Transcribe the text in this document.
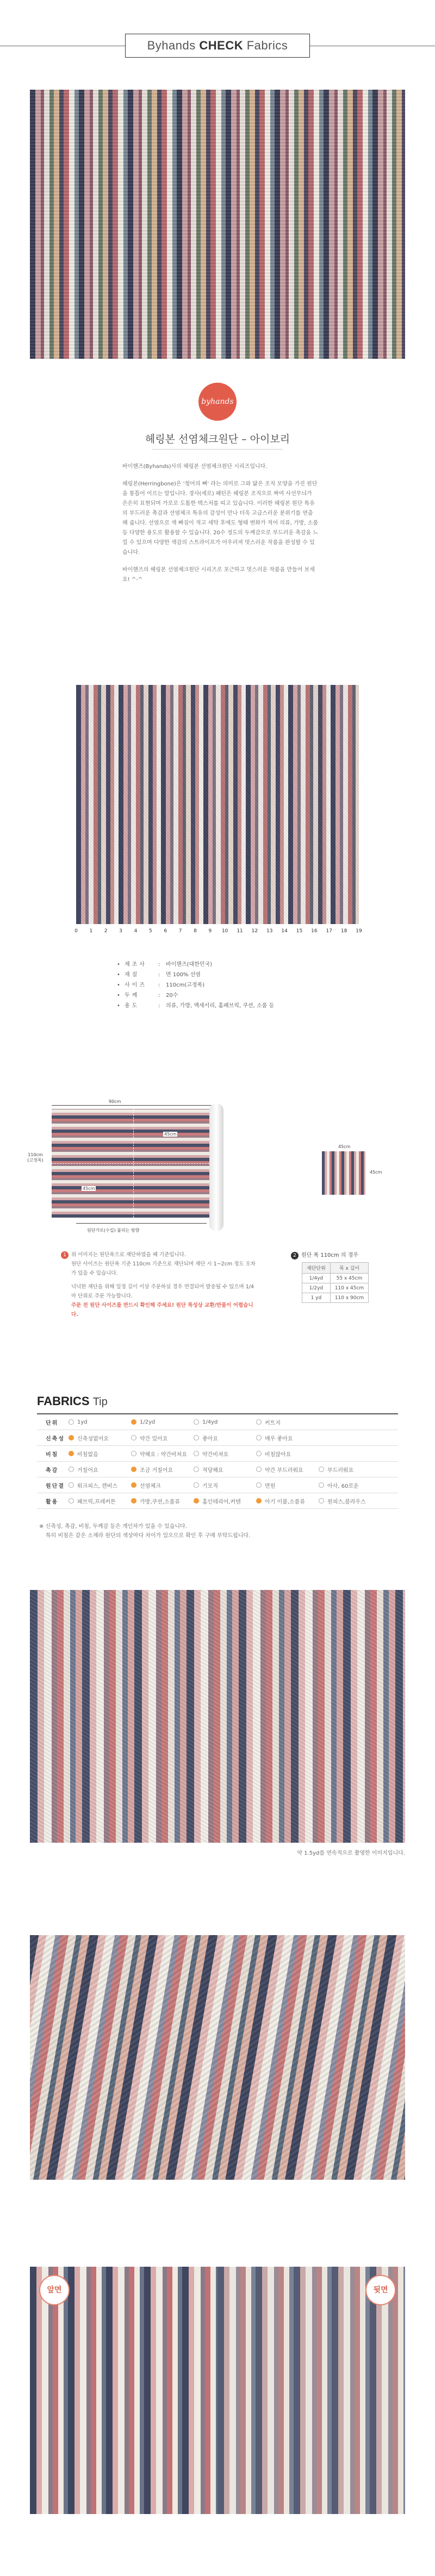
Byhands CHECK Fabrics
byhands
헤링본 선염체크원단 – 아이보리

바이핸즈(Byhands)사의 헤링본 선염체크원단 시리즈입니다.

헤링본(Herringbone)은 '청어의 뼈' 라는 의미로 그와 닮은 조직 모양을 가진 원단을 통틀어 이르는 말입니다. 경사(세로) 패턴은 헤링본 조직으로 짜여 사선무늬가 은은히 표현되며 가로로 도톰한 텍스처를 띠고 있습니다. 이러한 헤링본 원단 특유의 부드러운 촉감과 선염체크 특유의 감성이 만나 더욱 고급스러운 분위기를 연출해 줍니다. 선염으로 색 빠짐이 적고 세탁 후에도 형태 변화가 적어 의류, 가방, 소품 등 다양한 용도로 활용할 수 있습니다. 20수 정도의 두께감으로 부드러운 촉감을 느낄 수 있으며 다양한 색감의 스트라이프가 어우러져 멋스러운 작품을 완성할 수 있습니다.

바이핸즈의 헤링본 선염체크원단 시리즈로 포근하고 멋스러운 작품을 만들어 보세요! ^-^

0	1	2	3	4	5	6	7	8	9	10	11	12	13	14	15	16	17	18	19
• 제조사	:	바이핸즈(대한민국)
• 재질	:	면 100% 선염
• 사이즈	:	110cm(고정폭)
• 두께	:	20수
• 용도	:	의류, 가방, 액세서리, 홈패브릭, 쿠션, 소품 등
90cm
110cm
(고정폭)
45cm
45cm
원단가로(수입) 풀리는 방향
45cm
45cm
1 위 이미지는 원단폭으로 재단하였을 때 기준입니다.
원단 사이즈는 원단폭 기준 110cm 기준으로 재단되며 재단 시 1~2cm 정도 오차가 있을 수 있습니다.
넉넉한 재단을 위해 일정 길이 이상 주문하실 경우 연결되어 발송될 수 있으며 1/4마 단위로 주문 가능합니다.
주문 전 원단 사이즈를 반드시 확인해 주세요! 원단 특성상 교환/반품이 어렵습니다.
2 원단 폭 110cm 의 경우
재단단위	폭 x 길이
1/4yd	55 x 45cm
1/2yd	110 x 45cm
1 yd	110 x 90cm
FABRICS Tip
단위	1yd	1/2yd	1/4yd	커트지
신축성	신축성없어요	약간 있어요	좋아요	매우 좋아요
비침	비침없음	약해요 : 약간비쳐요	약간비쳐요	비침많아요
촉감	거칠어요	조금 거칠어요	적당해요	약간 부드러워요	부드러워요
원단결	워크피스, 캔버스	선염체크	기모직	면원	아사, 60로운
활용	패브릭,프레커튼	가방,쿠션,소품류	홈인테리어,커텐	아기 이불,소품류	원피스,블라우스
※ 신축성, 촉감, 비침, 두께감 등은 개인차가 있을 수 있습니다.
특히 비침은 같은 소재라 원단의 색상마다 차이가 있으므로 확인 후 구매 부탁드립니다.
약 1.5yd를 연속적으로 촬영한 이미지입니다.
앞면	뒷면
